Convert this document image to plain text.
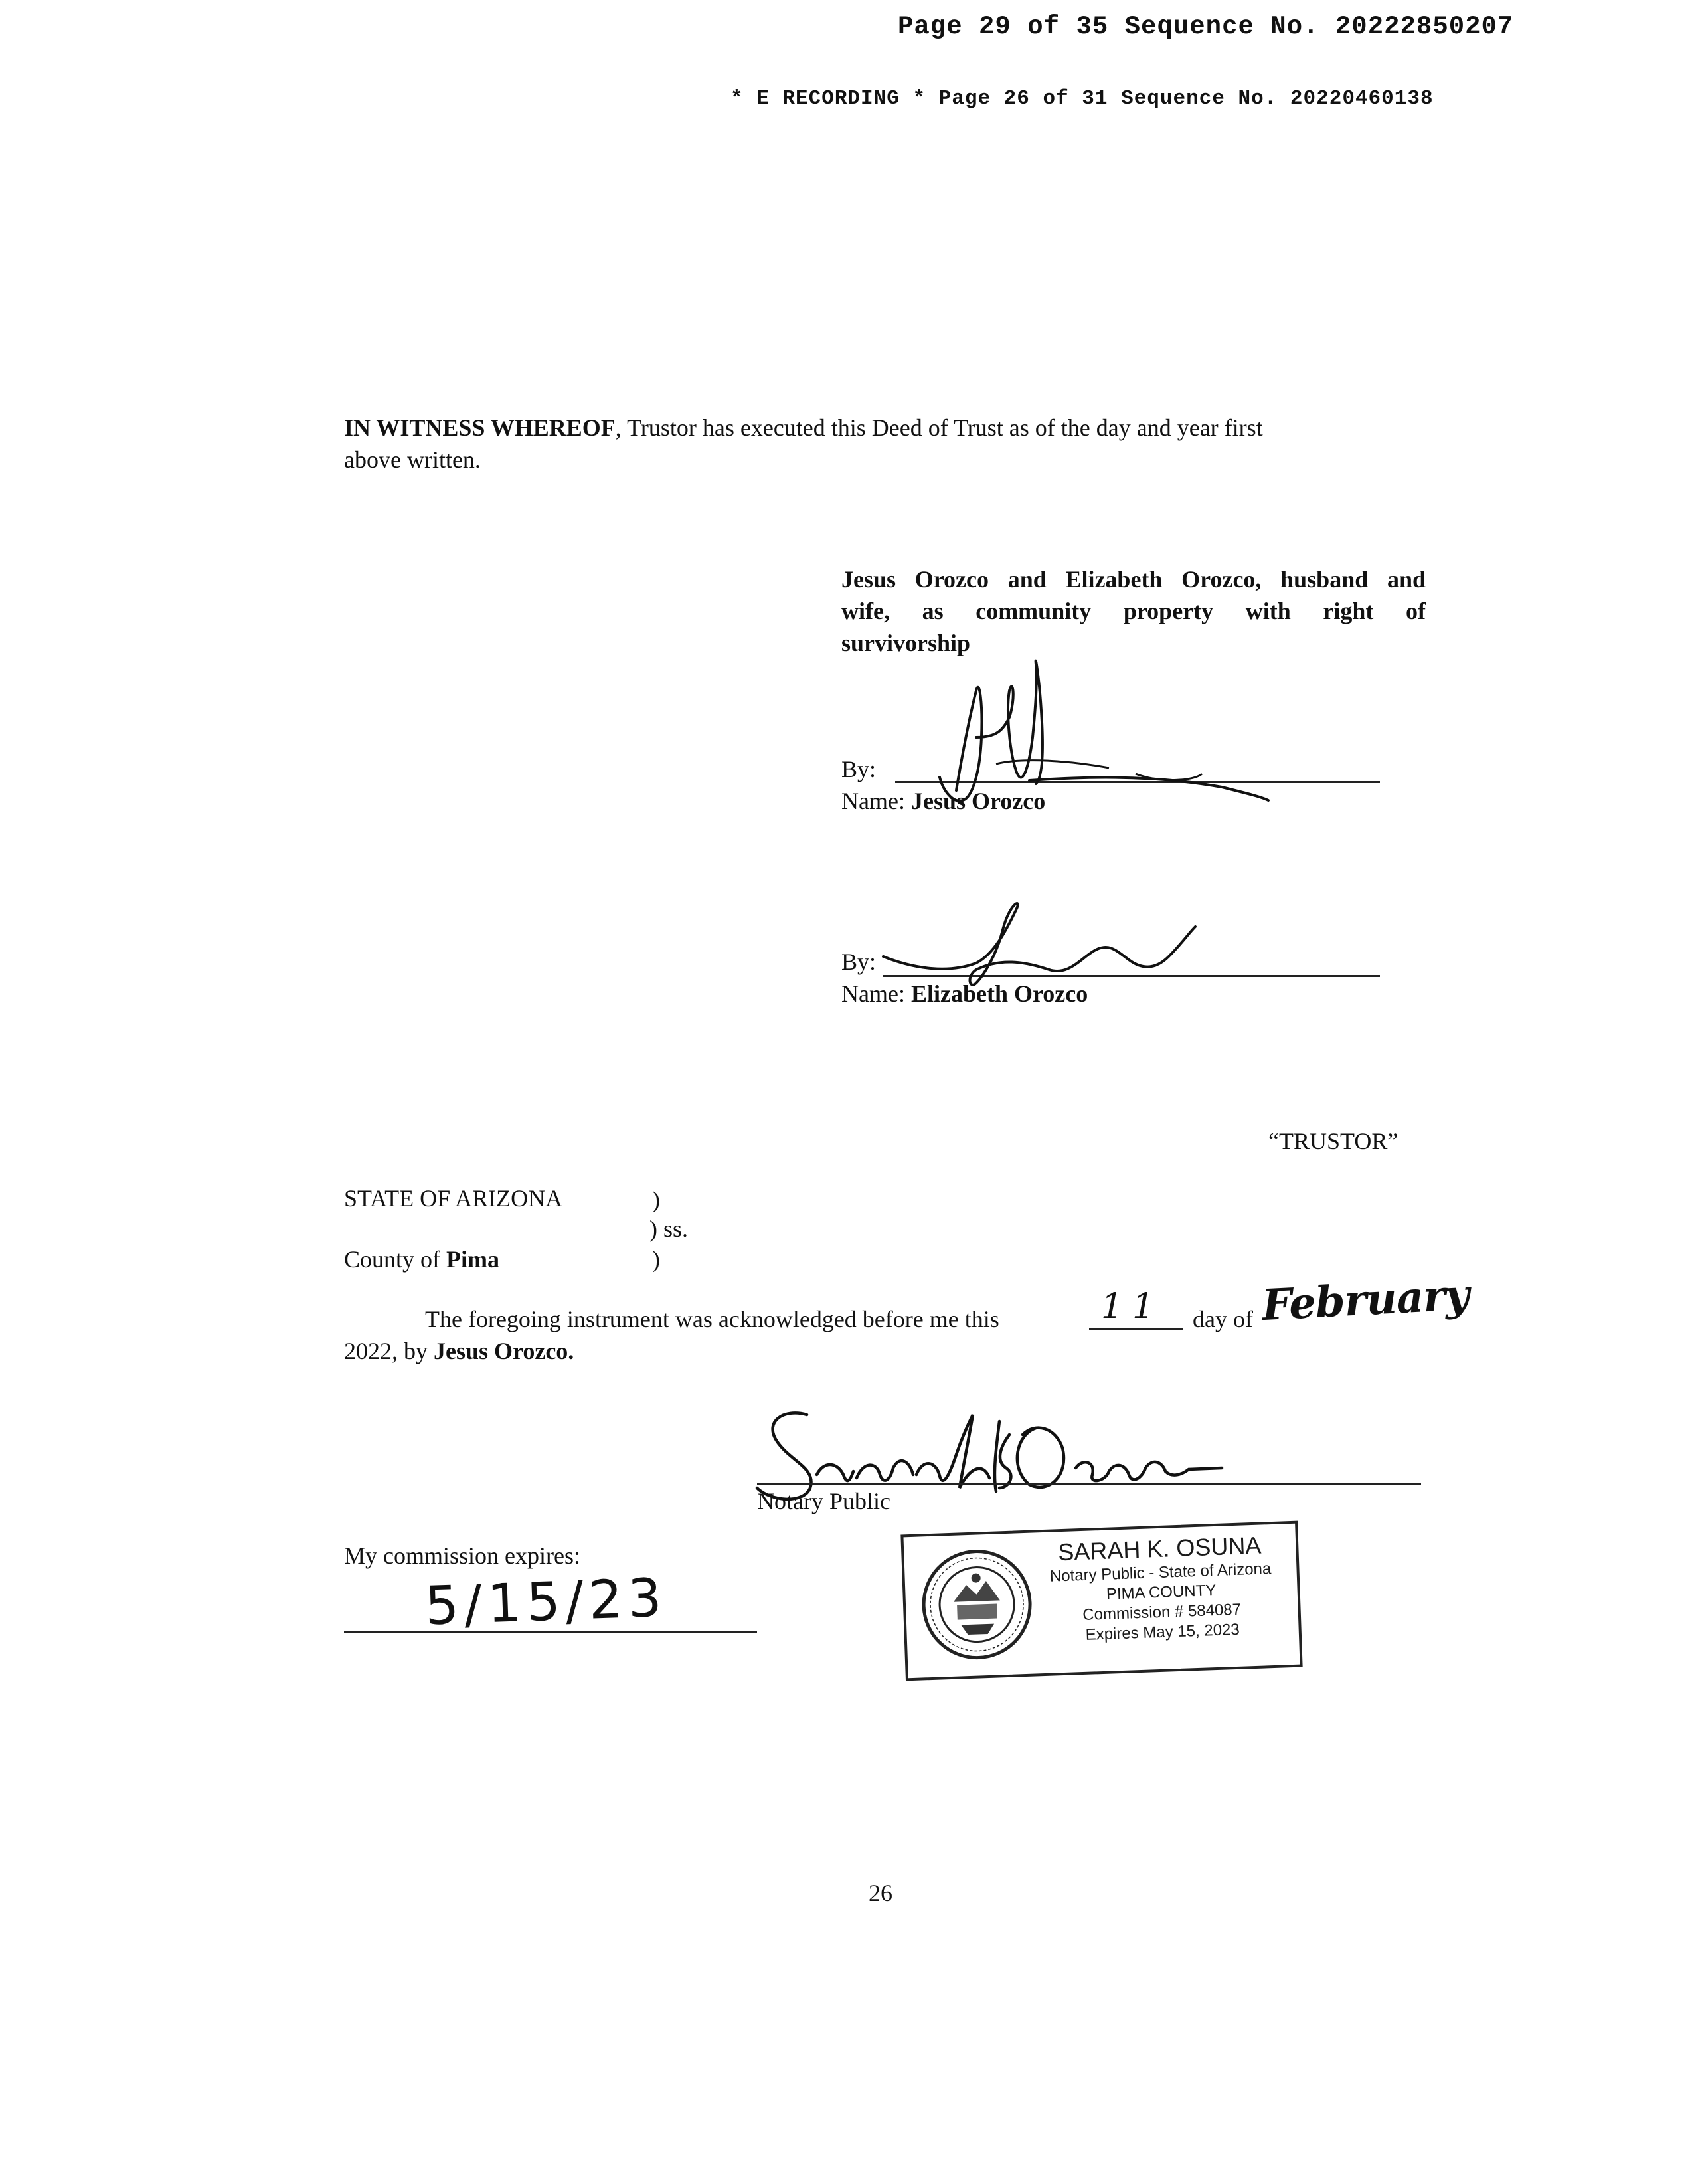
Page 29 of 35 Sequence No. 20222850207
* E RECORDING * Page 26 of 31 Sequence No. 20220460138
IN WITNESS WHEREOF, Trustor has executed this Deed of Trust as of the day and year first
above written.
Jesus Orozco and Elizabeth Orozco, husband and
wife, as community property with right of
survivorship
By:
Name: Jesus Orozco
By:
Name: Elizabeth Orozco
“TRUSTOR”
STATE OF ARIZONA	)
) ss.
County of Pima	)
The foregoing instrument was acknowledged before me this	11 day of February
2022, by Jesus Orozco.
Notary Public
My commission expires:
5/15/23
SARAH K. OSUNA
Notary Public - State of Arizona
PIMA COUNTY
Commission # 584087
Expires May 15, 2023
26
